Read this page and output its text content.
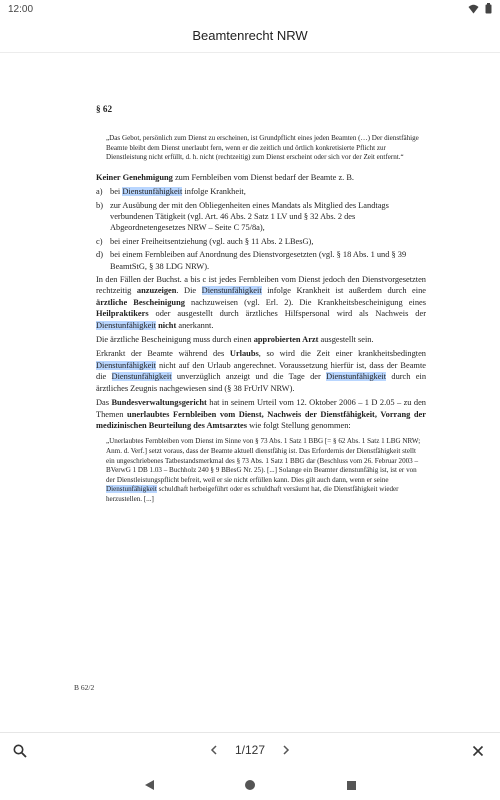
12:00
Beamtenrecht NRW
§ 62
„Das Gebot, persönlich zum Dienst zu erscheinen, ist Grundpflicht eines jeden Beamten (…) Der dienstfähige Beamte bleibt dem Dienst unerlaubt fern, wenn er die zeitlich und örtlich konkretisierte Pflicht zur Dienstleistung nicht erfüllt, d. h. nicht (rechtzeitig) zum Dienst erscheint oder sich vor der Zeit entfernt.“
Keiner Genehmigung zum Fernbleiben vom Dienst bedarf der Beamte z. B.
a) bei Dienstunfähigkeit infolge Krankheit,
b) zur Ausübung der mit den Obliegenheiten eines Mandats als Mitglied des Landtags verbundenen Tätigkeit (vgl. Art. 46 Abs. 2 Satz 1 LV und § 32 Abs. 2 des Abgeordnetengesetzes NRW – Seite C 75/8a),
c) bei einer Freiheitsentziehung (vgl. auch § 11 Abs. 2 LBesG),
d) bei einem Fernbleiben auf Anordnung des Dienstvorgesetzten (vgl. § 18 Abs. 1 und § 39 BeamtStG, § 38 LDG NRW).
In den Fällen der Buchst. a bis c ist jedes Fernbleiben vom Dienst jedoch den Dienstvorgesetzten rechtzeitig anzuzeigen. Die Dienstunfähigkeit infolge Krankheit ist außerdem durch eine ärztliche Bescheinigung nachzuweisen (vgl. Erl. 2). Die Krankheitsbescheinigung eines Heilpraktikers oder ausgestellt durch ärztliches Hilfspersonal wird als Nachweis der Dienstunfähigkeit nicht anerkannt.
Die ärztliche Bescheinigung muss durch einen approbierten Arzt ausgestellt sein.
Erkrankt der Beamte während des Urlaubs, so wird die Zeit einer krankheitsbedingten Dienstunfähigkeit nicht auf den Urlaub angerechnet. Voraussetzung hierfür ist, dass der Beamte die Dienstunfähigkeit unverzüglich anzeigt und die Tage der Dienstunfähigkeit durch ein ärztliches Zeugnis nachgewiesen sind (§ 38 FrUrlV NRW).
Das Bundesverwaltungsgericht hat in seinem Urteil vom 12. Oktober 2006 – 1 D 2.05 – zu den Themen unerlaubtes Fernbleiben vom Dienst, Nachweis der Dienstfähigkeit, Vorrang der medizinischen Beurteilung des Amtsarztes wie folgt Stellung genommen:
„Unerlaubtes Fernbleiben vom Dienst im Sinne von § 73 Abs. 1 Satz 1 BBG [= § 62 Abs. 1 Satz 1 LBG NRW; Anm. d. Verf.] setzt voraus, dass der Beamte aktuell dienstfähig ist. Das Erfordernis der Dienstfähigkeit stellt ein ungeschriebenes Tatbestandsmerkmal des § 73 Abs. 1 Satz 1 BBG dar (Beschluss vom 26. Februar 2003 – BVerwG 1 DB 1.03 – Buchholz 240 § 9 BBesG Nr. 25). [...] Solange ein Beamter dienstunfähig ist, ist er von der Dienstleistungspflicht befreit, weil er sie nicht erfüllen kann. Dies gilt auch dann, wenn er seine Dienstunfähigkeit schuldhaft herbeigeführt oder es schuldhaft versäumt hat, die Dienstfähigkeit wieder herzustellen. [...]
B 62/2
1/127
